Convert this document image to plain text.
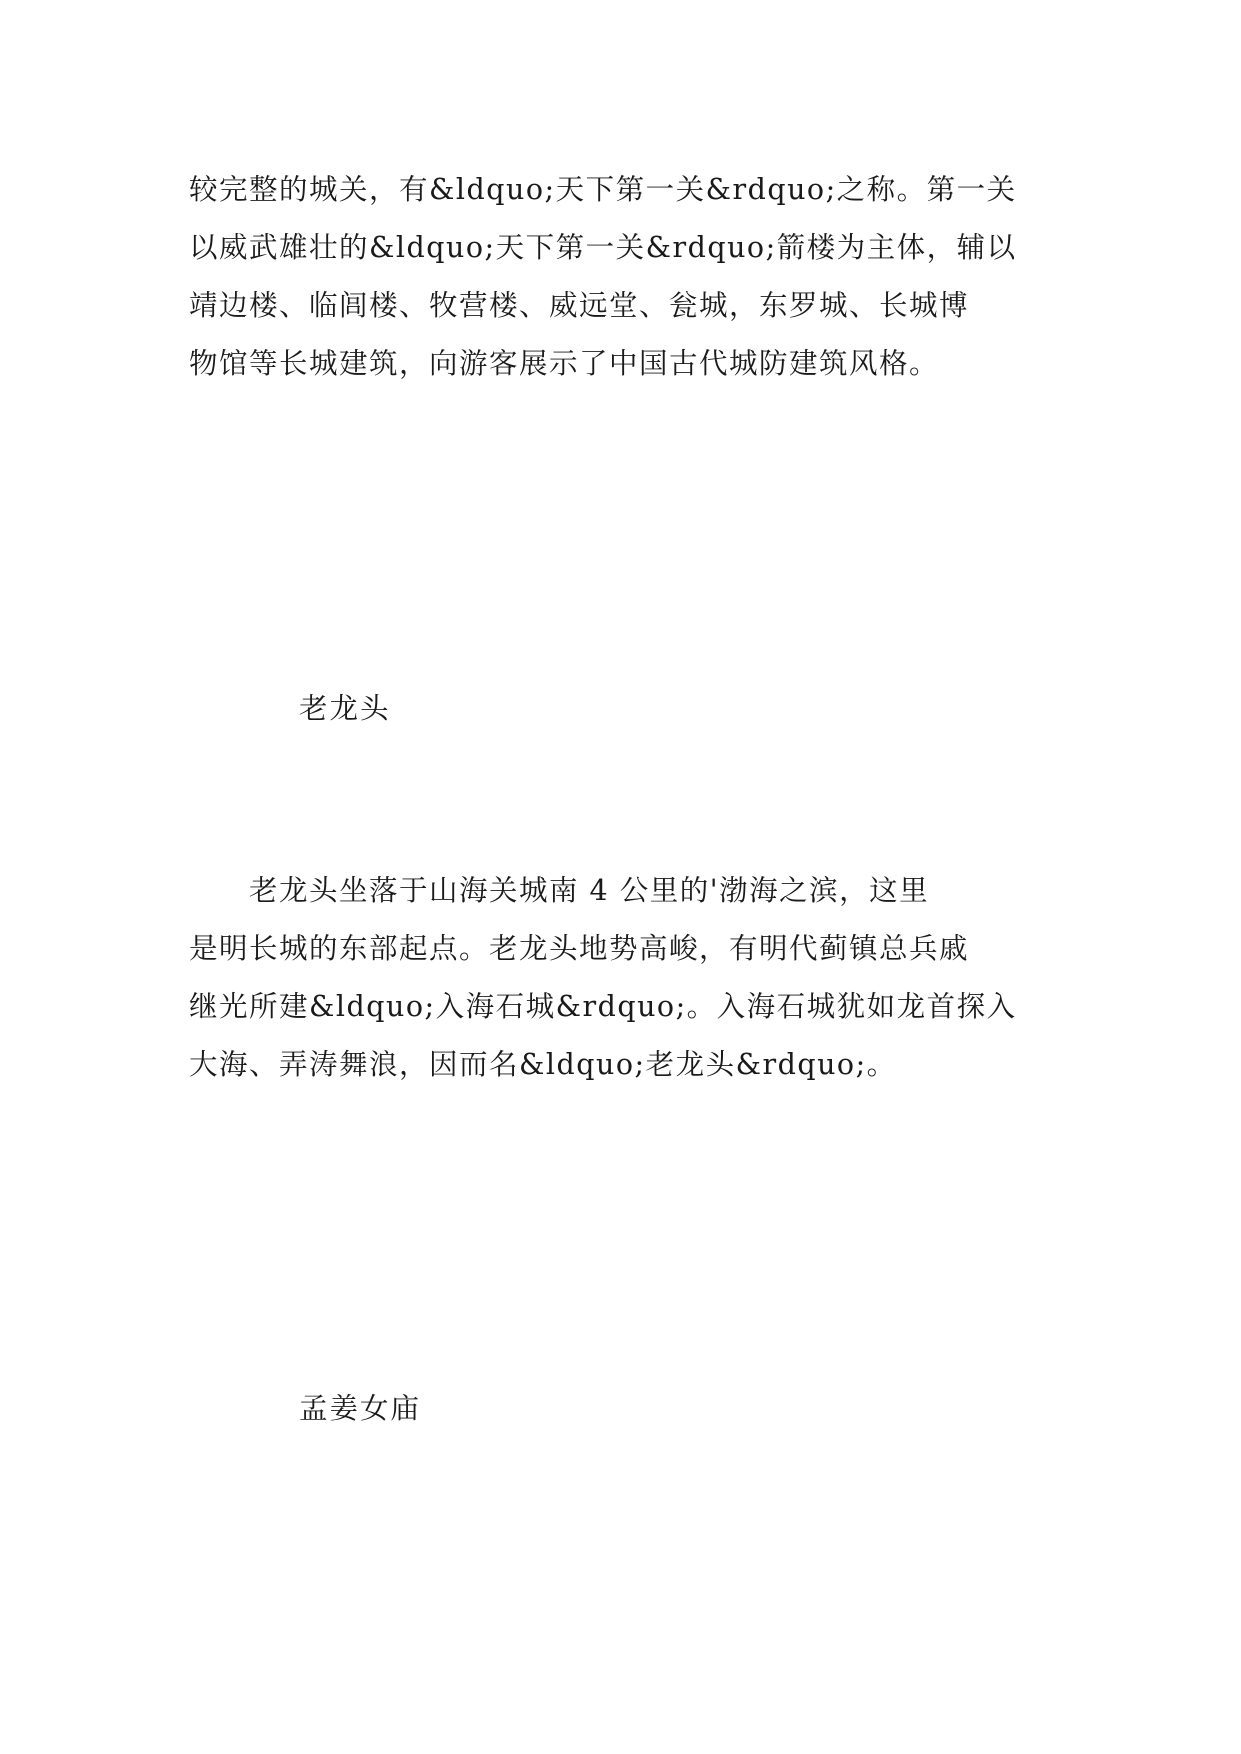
较完整的城关，有&ldquo;天下第一关&rdquo;之称。第一关
以威武雄壮的&ldquo;天下第一关&rdquo;箭楼为主体，辅以
靖边楼、临闾楼、牧营楼、威远堂、瓮城，东罗城、长城博
物馆等长城建筑，向游客展示了中国古代城防建筑风格。

老龙头

　　老龙头坐落于山海关城南 4 公里的'渤海之滨，这里
是明长城的东部起点。老龙头地势高峻，有明代蓟镇总兵戚
继光所建&ldquo;入海石城&rdquo;。入海石城犹如龙首探入
大海、弄涛舞浪，因而名&ldquo;老龙头&rdquo;。

孟姜女庙
